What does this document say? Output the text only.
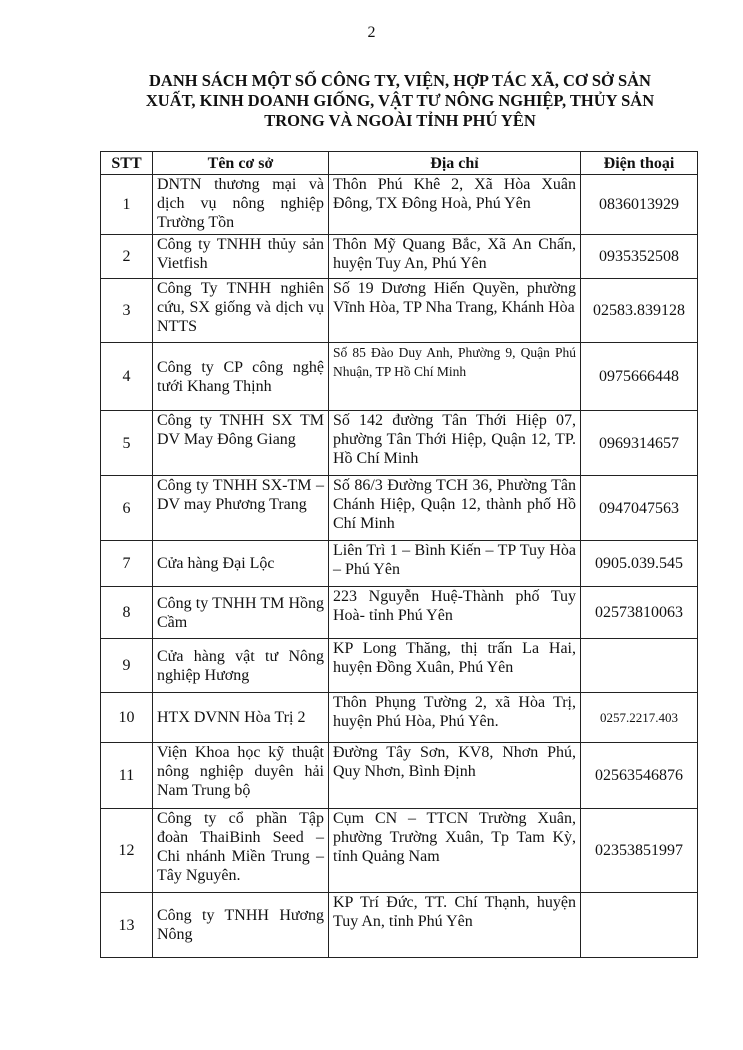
2
DANH SÁCH MỘT SỐ CÔNG TY, VIỆN, HỢP TÁC XÃ, CƠ SỞ SẢN
XUẤT, KINH DOANH GIỐNG, VẬT TƯ NÔNG NGHIỆP, THỦY SẢN
TRONG VÀ NGOÀI TỈNH PHÚ YÊN
STT	Tên cơ sở	Địa chỉ	Điện thoại
1	DNTN thương mại và dịch vụ nông nghiệp Trường Tồn	Thôn Phú Khê 2, Xã Hòa Xuân Đông, TX Đông Hoà, Phú Yên	0836013929
2	Công ty TNHH thủy sản Vietfish	Thôn Mỹ Quang Bắc, Xã An Chấn, huyện Tuy An, Phú Yên	0935352508
3	Công Ty TNHH nghiên cứu, SX giống và dịch vụ NTTS	Số 19 Dương Hiến Quyền, phường Vĩnh Hòa, TP Nha Trang, Khánh Hòa	02583.839128
4	Công ty CP công nghệ tưới Khang Thịnh	Số 85 Đào Duy Anh, Phường 9, Quận Phú Nhuận, TP Hồ Chí Minh	0975666448
5	Công ty TNHH SX TM DV May Đông Giang	Số 142 đường Tân Thới Hiệp 07, phường Tân Thới Hiệp, Quận 12, TP. Hồ Chí Minh	0969314657
6	Công ty TNHH SX-TM – DV may Phương Trang	Số 86/3 Đường TCH 36, Phường Tân Chánh Hiệp, Quận 12, thành phố Hồ Chí Minh	0947047563
7	Cửa hàng Đại Lộc	Liên Trì 1 – Bình Kiến – TP Tuy Hòa – Phú Yên	0905.039.545
8	Công ty TNHH TM Hồng Cầm	223 Nguyễn Huệ-Thành phố Tuy Hoà- tỉnh Phú Yên	02573810063
9	Cửa hàng vật tư Nông nghiệp Hương	KP Long Thăng, thị trấn La Hai, huyện Đồng Xuân, Phú Yên	
10	HTX DVNN Hòa Trị 2	Thôn Phụng Tường 2, xã Hòa Trị, huyện Phú Hòa, Phú Yên.	0257.2217.403
11	Viện Khoa học kỹ thuật nông nghiệp duyên hải Nam Trung bộ	Đường Tây Sơn, KV8, Nhơn Phú, Quy Nhơn, Bình Định	02563546876
12	Công ty cổ phần Tập đoàn ThaiBinh Seed – Chi nhánh Miền Trung – Tây Nguyên.	Cụm CN – TTCN Trường Xuân, phường Trường Xuân, Tp Tam Kỳ, tỉnh Quảng Nam	02353851997
13	Công ty TNHH Hương Nông	KP Trí Đức, TT. Chí Thạnh, huyện Tuy An, tỉnh Phú Yên	
